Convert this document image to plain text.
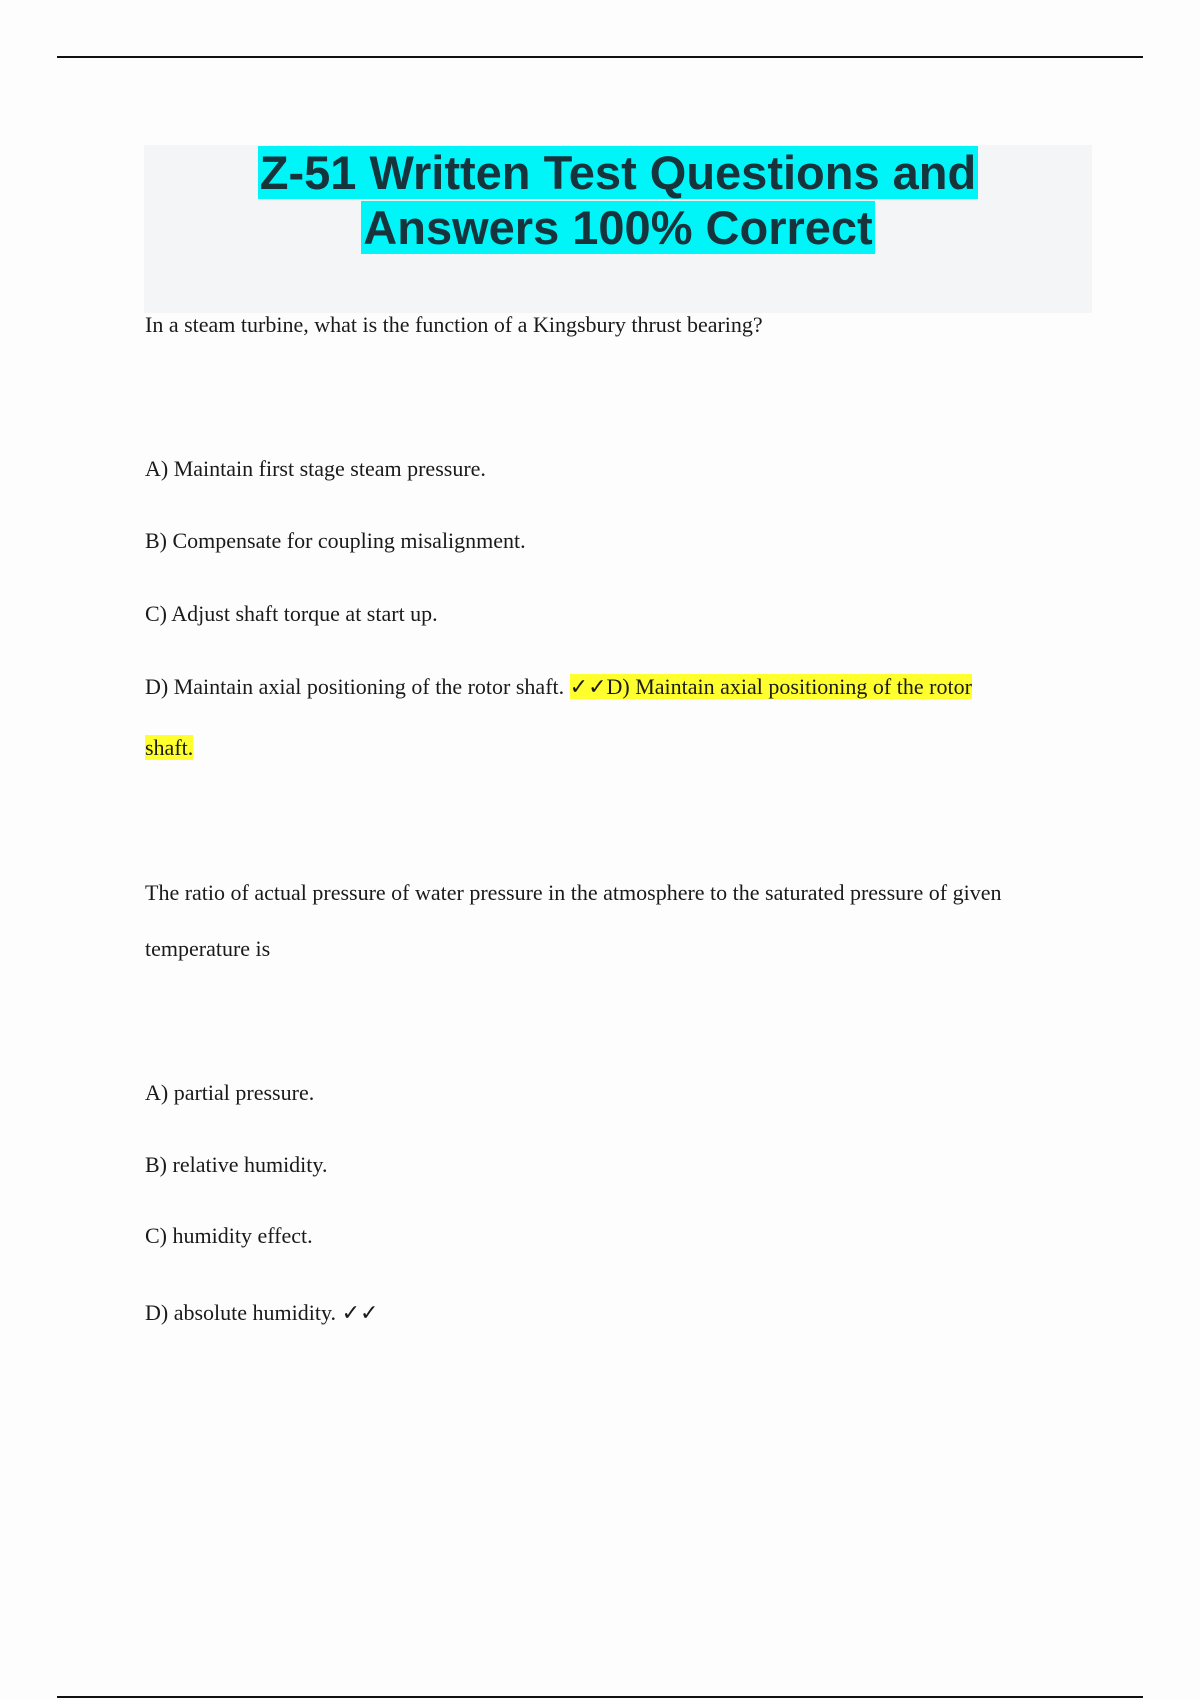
Z-51 Written Test Questions and
Answers 100% Correct
In a steam turbine, what is the function of a Kingsbury thrust bearing?
A) Maintain first stage steam pressure.
B) Compensate for coupling misalignment.
C) Adjust shaft torque at start up.
D) Maintain axial positioning of the rotor shaft. ✓✓D) Maintain axial positioning of the rotor
shaft.
The ratio of actual pressure of water pressure in the atmosphere to the saturated pressure of given
temperature is
A) partial pressure.
B) relative humidity.
C) humidity effect.
D) absolute humidity. ✓✓
